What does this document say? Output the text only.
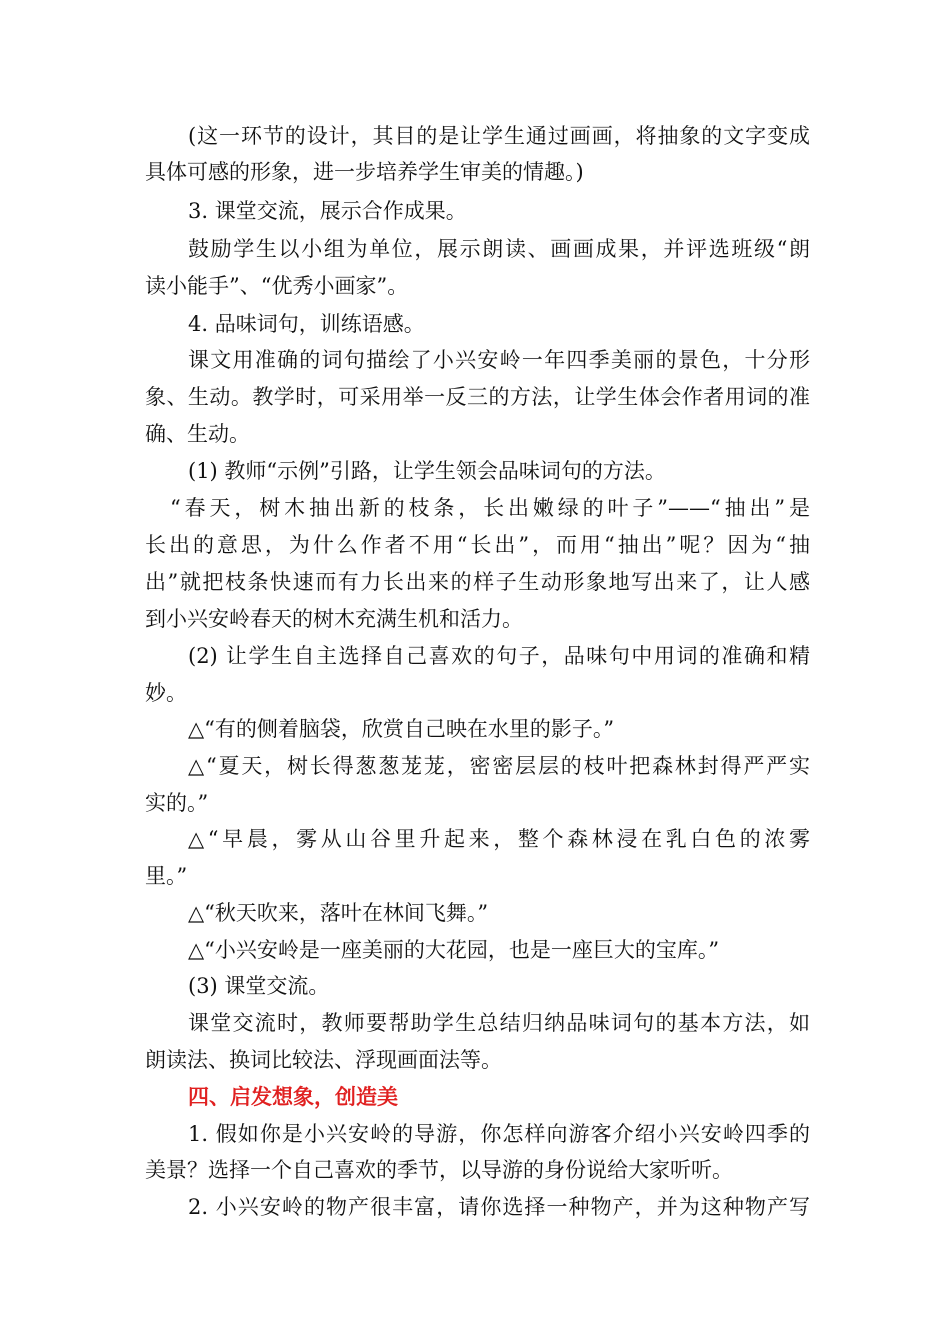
(这一环节的设计，其目的是让学生通过画画，将抽象的文字变成
具体可感的形象，进一步培养学生审美的情趣。)
3. 课堂交流，展示合作成果。
鼓励学生以小组为单位，展示朗读、画画成果，并评选班级“朗
读小能手”、“优秀小画家”。
4. 品味词句，训练语感。
课文用准确的词句描绘了小兴安岭一年四季美丽的景色，十分形
象、生动。教学时，可采用举一反三的方法，让学生体会作者用词的准
确、生动。
(1) 教师“示例”引路，让学生领会品味词句的方法。
“春天，树木抽出新的枝条，长出嫩绿的叶子”——“抽出”是
长出的意思，为什么作者不用“长出”，而用“抽出”呢？因为“抽
出”就把枝条快速而有力长出来的样子生动形象地写出来了，让人感
到小兴安岭春天的树木充满生机和活力。
(2) 让学生自主选择自己喜欢的句子，品味句中用词的准确和精
妙。
△“有的侧着脑袋，欣赏自己映在水里的影子。”
△“夏天，树长得葱葱茏茏，密密层层的枝叶把森林封得严严实
实的。”
△“早晨，雾从山谷里升起来，整个森林浸在乳白色的浓雾
里。”
△“秋天吹来，落叶在林间飞舞。”
△“小兴安岭是一座美丽的大花园，也是一座巨大的宝库。”
(3) 课堂交流。
课堂交流时，教师要帮助学生总结归纳品味词句的基本方法，如
朗读法、换词比较法、浮现画面法等。
四、启发想象，创造美
1. 假如你是小兴安岭的导游，你怎样向游客介绍小兴安岭四季的
美景？选择一个自己喜欢的季节，以导游的身份说给大家听听。
2. 小兴安岭的物产很丰富，请你选择一种物产，并为这种物产写
